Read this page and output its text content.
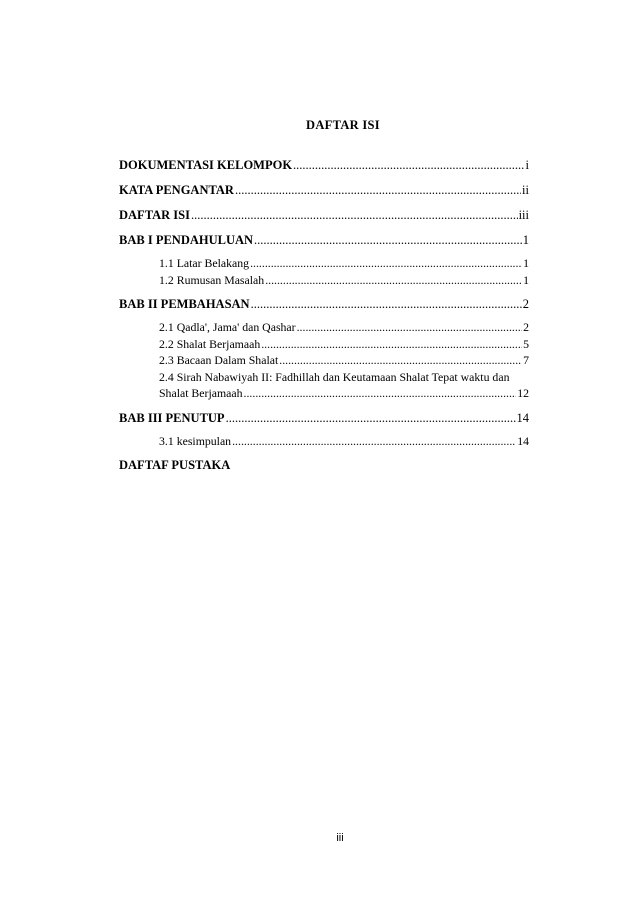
DAFTAR ISI
DOKUMENTASI KELOMPOK .....	i
KATA PENGANTAR .....	ii
DAFTAR ISI .....	iii
BAB I PENDAHULUAN .....	1
1.1 Latar Belakang .....	1
1.2 Rumusan Masalah .....	1
BAB II PEMBAHASAN .....	2
2.1 Qadla', Jama' dan Qashar .....	2
2.2 Shalat Berjamaah .....	5
2.3 Bacaan Dalam Shalat .....	7
2.4 Sirah Nabawiyah II: Fadhillah dan Keutamaan Shalat Tepat waktu dan
Shalat Berjamaah .....	12
BAB III PENUTUP .....	14
3.1 kesimpulan .....	14
DAFTAF PUSTAKA
iii
